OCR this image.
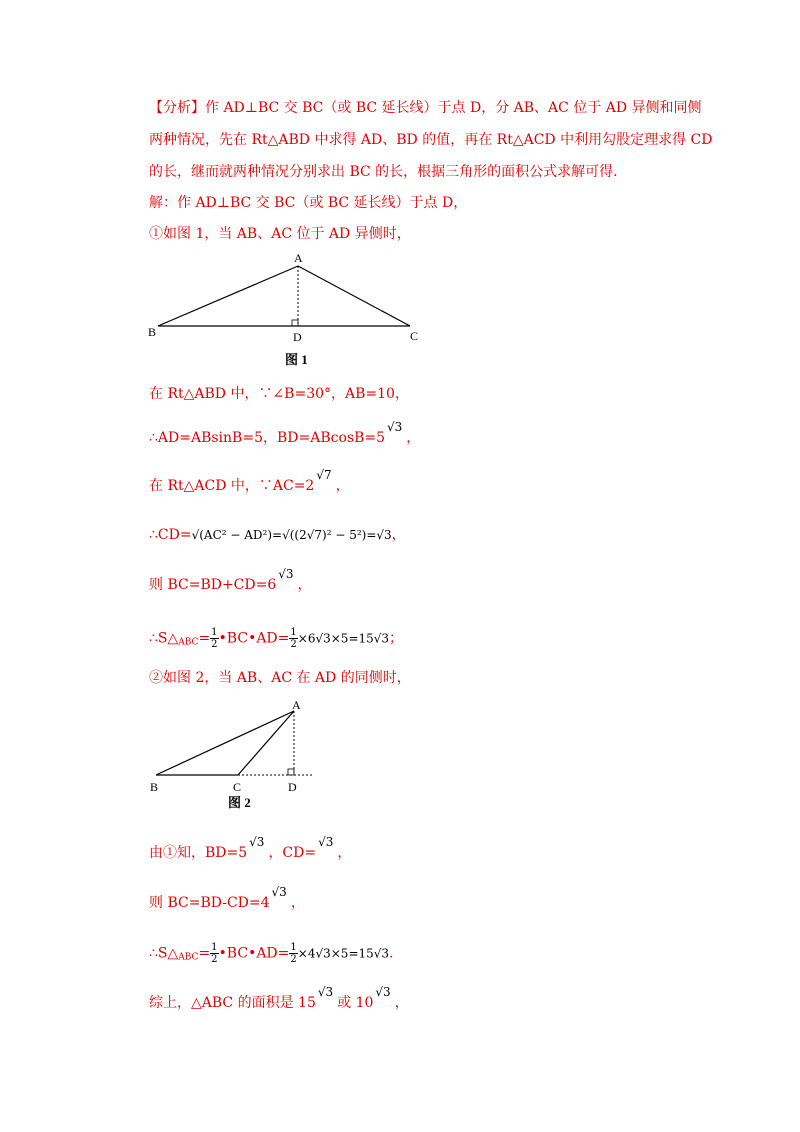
【分析】作 AD⊥BC 交 BC（或 BC 延长线）于点 D，分 AB、AC 位于 AD 异侧和同侧
两种情况，先在 Rt△ABD 中求得 AD、BD 的值，再在 Rt△ACD 中利用勾股定理求得 CD
的长，继而就两种情况分别求出 BC 的长，根据三角形的面积公式求解可得.
解：作 AD⊥BC 交 BC（或 BC 延长线）于点 D，
①如图 1，当 AB、AC 位于 AD 异侧时，
A
B	C
D
图 1
在 Rt△ABD 中，∵∠B=30°，AB=10，
∴AD=ABsinB=5，BD=ABcosB=5√3，
在 Rt△ACD 中，∵AC=2√7，
∴CD=√(AC² − AD²)=√((2√7)² − 5²)=√3，
则 BC=BD+CD=6√3，
$\therefore S\triangle_{ABC}= \frac{1}{2}$ •BC•AD= $\frac{1}{2} \times 6√3\times 5=15√3$；
②如图 2，当 AB、AC 在 AD 的同侧时，
A
B	C	D
图 2
由①知，BD=5√3，CD=√3，
则 BC=BD-CD=4√3，
$\therefore S\triangle_{ABC}= \frac{1}{2}$ •BC•AD= $\frac{1}{2} \times 4√3\times 5=15√3$.
综上，△ABC 的面积是 15√3或 10√3，
